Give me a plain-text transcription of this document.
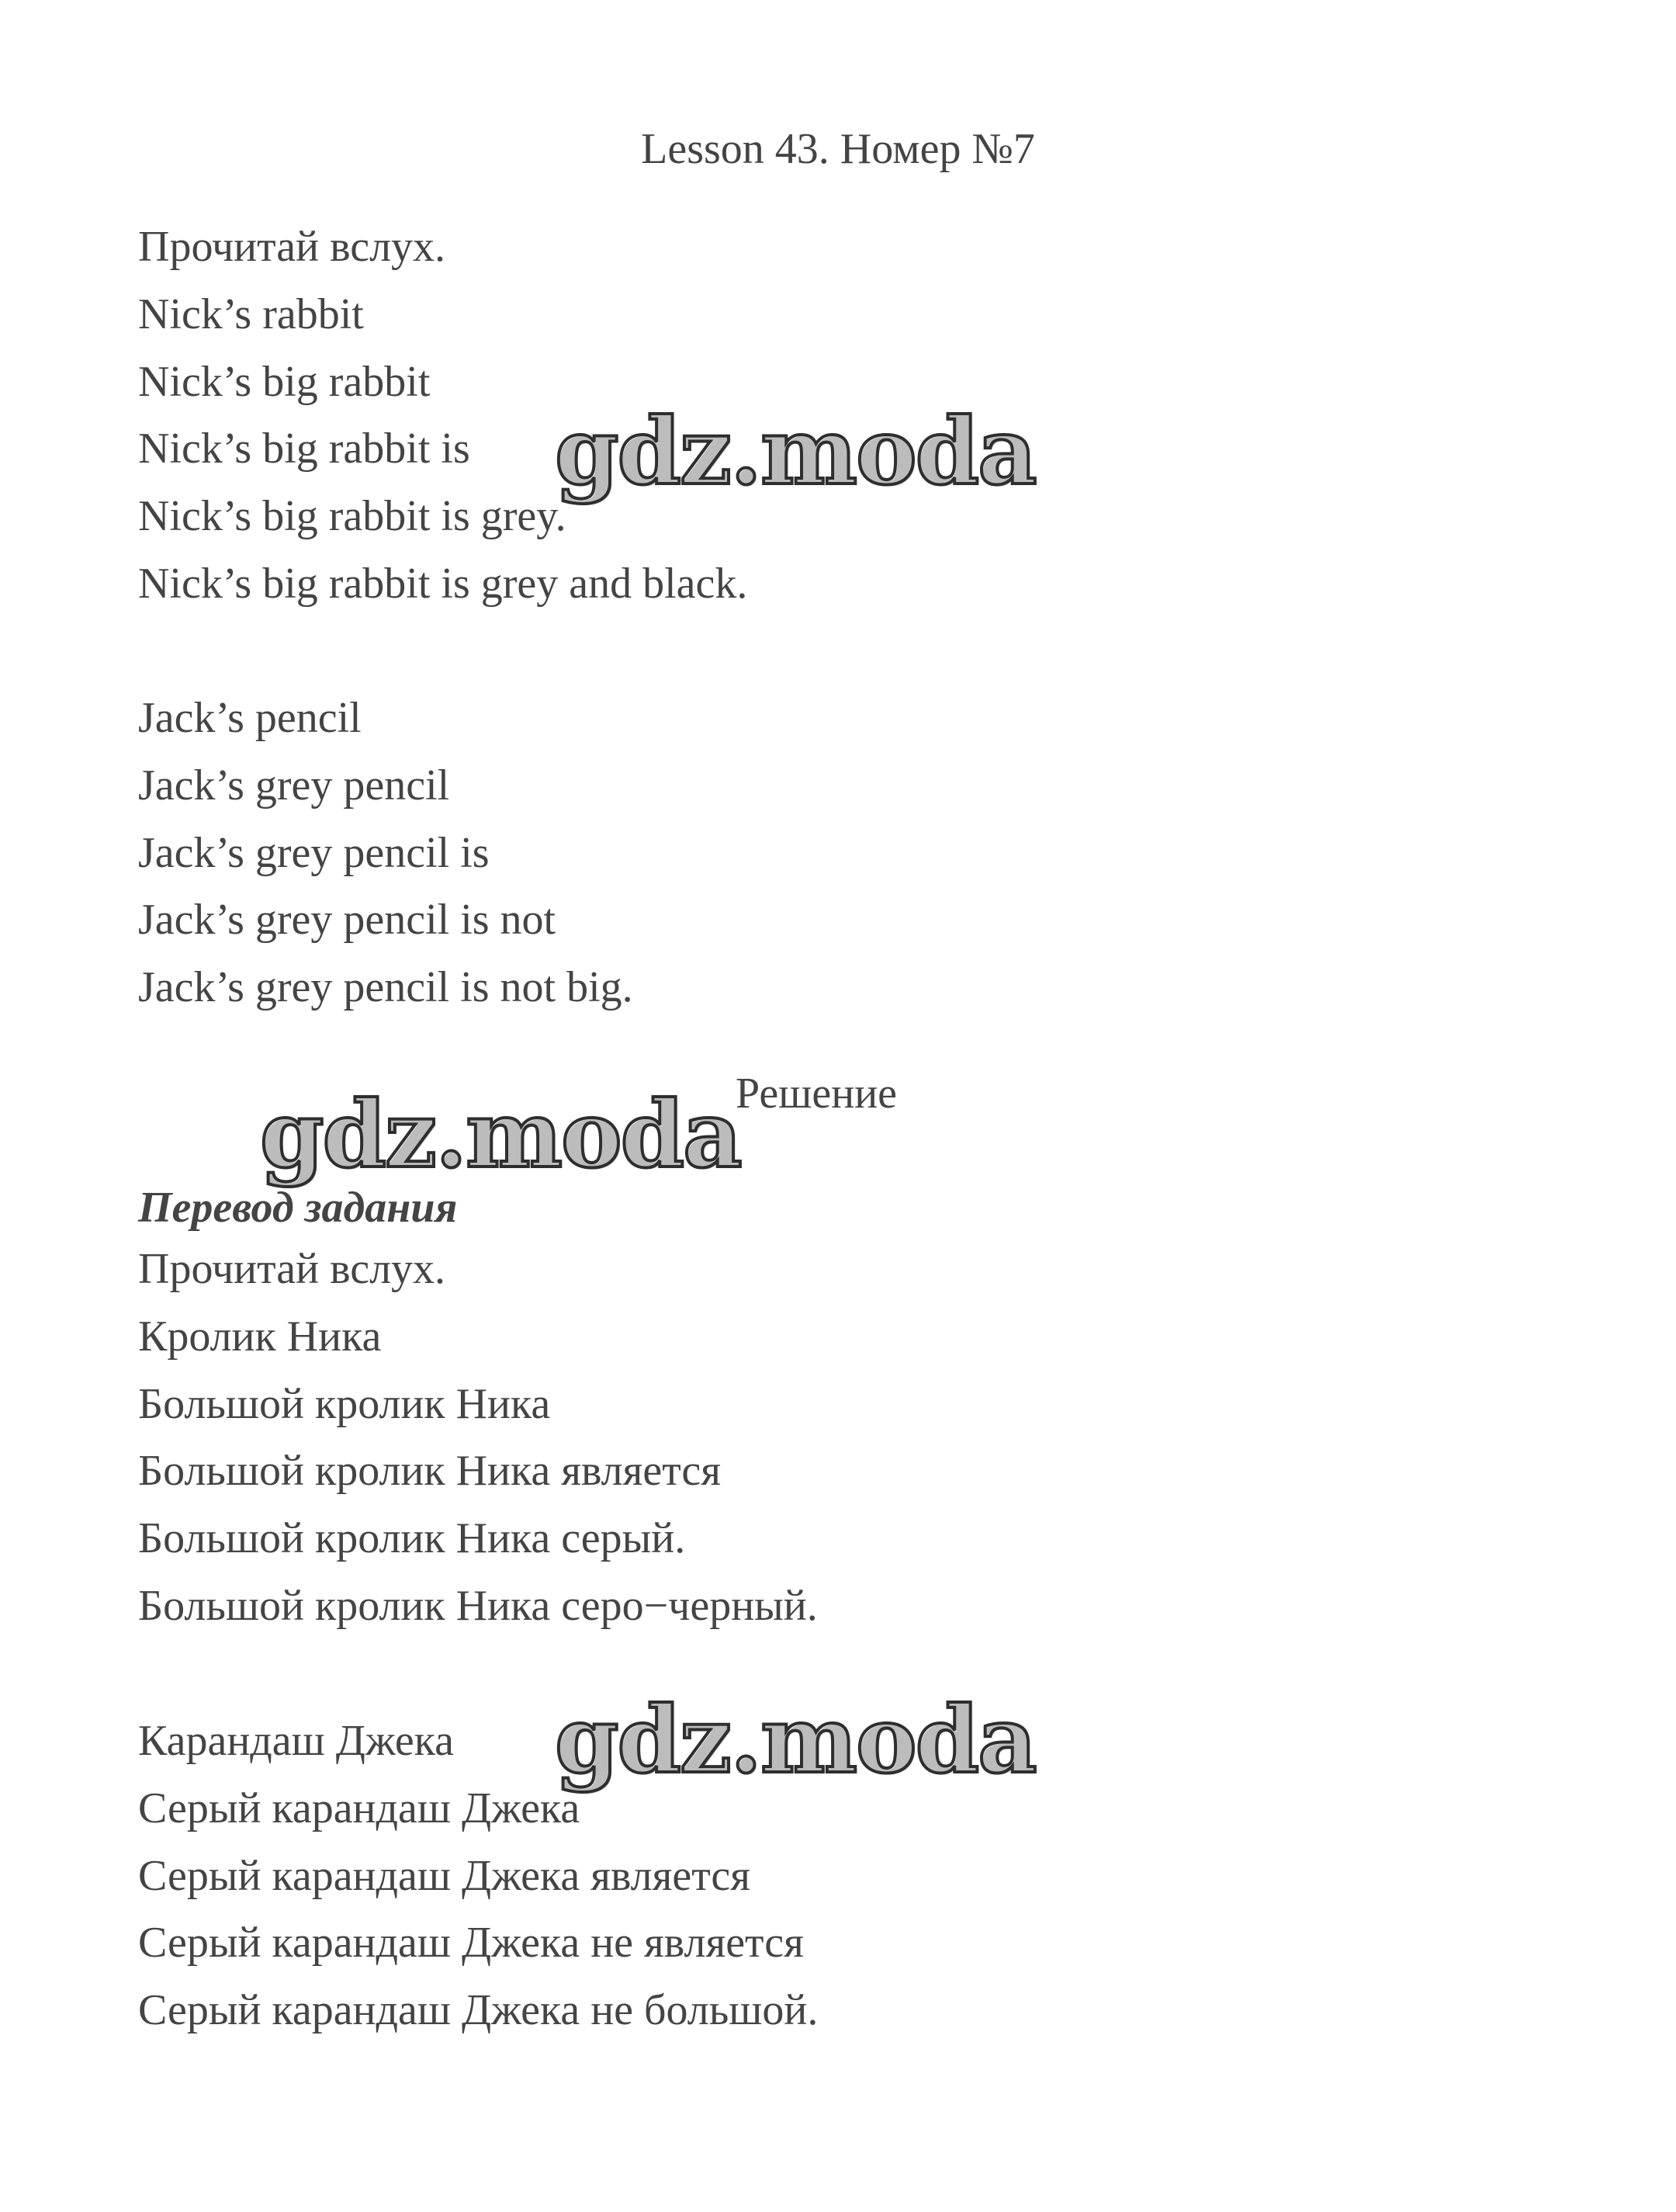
Lesson 43. Номер №7
Прочитай вслух.
Nick’s rabbit
Nick’s big rabbit
Nick’s big rabbit is
Nick’s big rabbit is grey.
Nick’s big rabbit is grey and black.
Jack’s pencil
Jack’s grey pencil
Jack’s grey pencil is
Jack’s grey pencil is not
Jack’s grey pencil is not big.

Решение

Перевод задания

Прочитай вслух.
Кролик Ника
Большой кролик Ника
Большой кролик Ника является
Большой кролик Ника серый.
Большой кролик Ника серо−черный.
Карандаш Джека
Серый карандаш Джека
Серый карандаш Джека является
Серый карандаш Джека не является
Серый карандаш Джека не большой.
gdz.moda
gdz.moda
gdz.moda
